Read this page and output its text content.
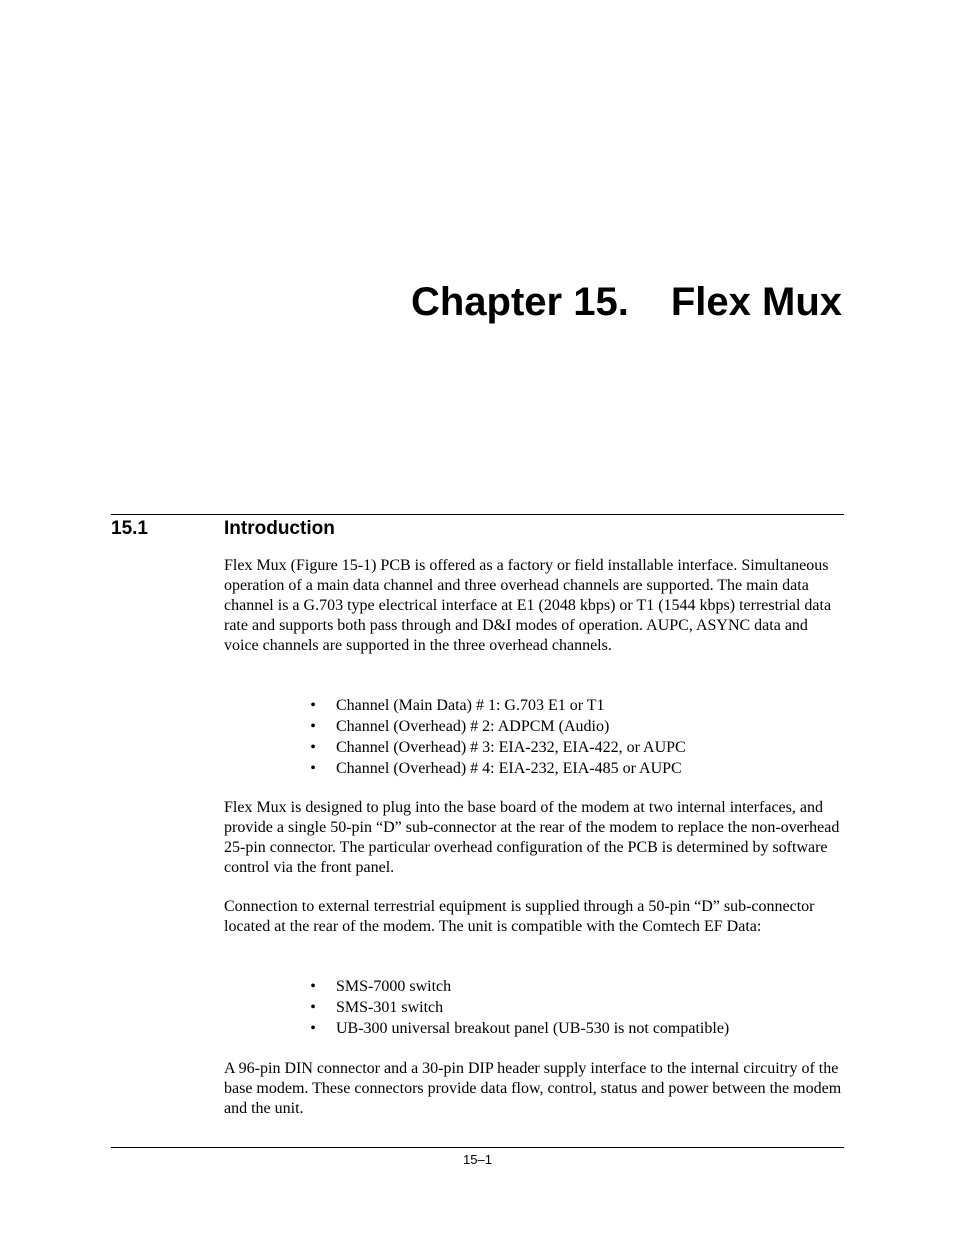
Chapter 15. Flex Mux
15.1	Introduction

Flex Mux (Figure 15-1) PCB is offered as a factory or field installable interface. Simultaneous operation of a main data channel and three overhead channels are supported. The main data channel is a G.703 type electrical interface at E1 (2048 kbps) or T1 (1544 kbps) terrestrial data rate and supports both pass through and D&I modes of operation. AUPC, ASYNC data and voice channels are supported in the three overhead channels.

• Channel (Main Data) # 1: G.703 E1 or T1
• Channel (Overhead) # 2: ADPCM (Audio)
• Channel (Overhead) # 3: EIA-232, EIA-422, or AUPC
• Channel (Overhead) # 4: EIA-232, EIA-485 or AUPC

Flex Mux is designed to plug into the base board of the modem at two internal interfaces, and provide a single 50-pin “D” sub-connector at the rear of the modem to replace the non-overhead 25-pin connector. The particular overhead configuration of the PCB is determined by software control via the front panel.

Connection to external terrestrial equipment is supplied through a 50-pin “D” sub-connector located at the rear of the modem. The unit is compatible with the Comtech EF Data:

• SMS-7000 switch
• SMS-301 switch
• UB-300 universal breakout panel (UB-530 is not compatible)

A 96-pin DIN connector and a 30-pin DIP header supply interface to the internal circuitry of the base modem. These connectors provide data flow, control, status and power between the modem and the unit.

15–1
